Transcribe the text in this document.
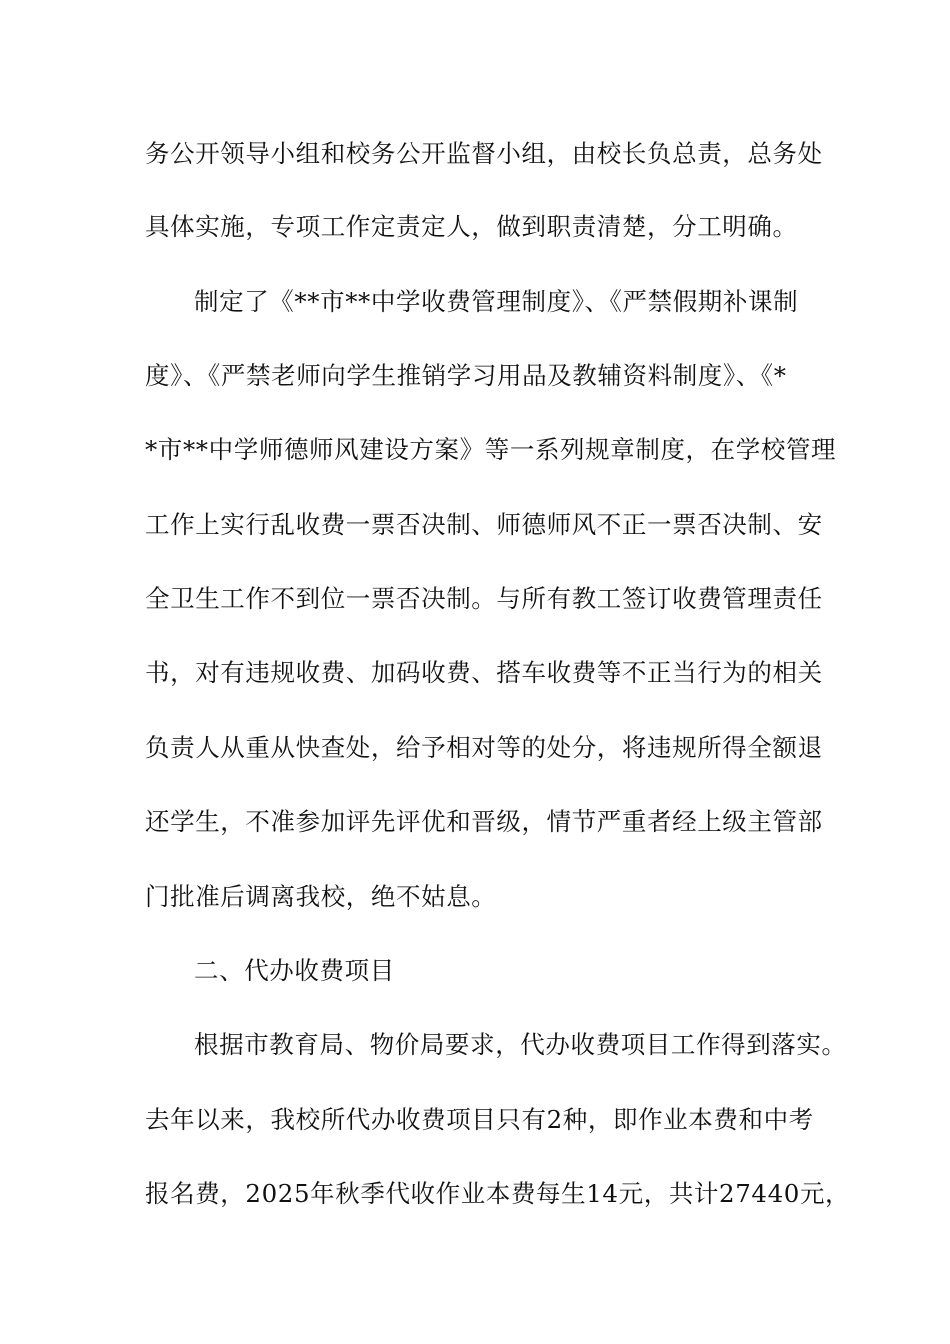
务公开领导小组和校务公开监督小组，由校长负总责，总务处
具体实施，专项工作定责定人，做到职责清楚，分工明确。
制定了《**市**中学收费管理制度》、《严禁假期补课制
度》、《严禁老师向学生推销学习用品及教辅资料制度》、《*
*市**中学师德师风建设方案》等一系列规章制度，在学校管理
工作上实行乱收费一票否决制、师德师风不正一票否决制、安
全卫生工作不到位一票否决制。与所有教工签订收费管理责任
书，对有违规收费、加码收费、搭车收费等不正当行为的相关
负责人从重从快查处，给予相对等的处分，将违规所得全额退
还学生，不准参加评先评优和晋级，情节严重者经上级主管部
门批准后调离我校，绝不姑息。
二、代办收费项目
根据市教育局、物价局要求，代办收费项目工作得到落实。
去年以来，我校所代办收费项目只有2种，即作业本费和中考
报名费，2025年秋季代收作业本费每生14元，共计27440元，
